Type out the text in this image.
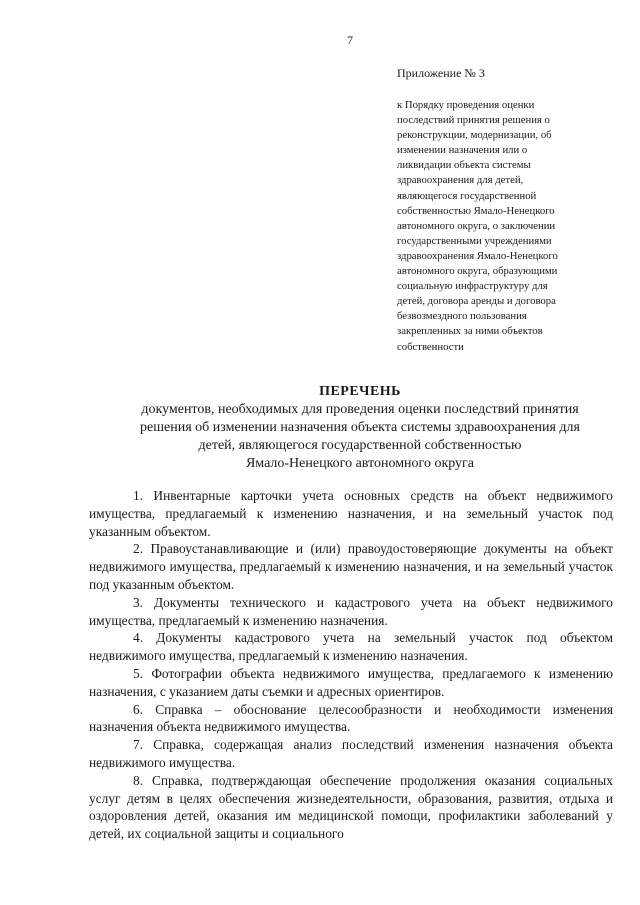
7
Приложение № 3
к Порядку проведения оценки
последствий принятия решения о
реконструкции, модернизации, об
изменении назначения или о
ликвидации объекта системы
здравоохранения для детей,
являющегося государственной
собственностью Ямало-Ненецкого
автономного округа, о заключении
государственными учреждениями
здравоохранения Ямало-Ненецкого
автономного округа, образующими
социальную инфраструктуру для
детей, договора аренды и договора
безвозмездного пользования
закрепленных за ними объектов
собственности
ПЕРЕЧЕНЬ
документов, необходимых для проведения оценки последствий принятия
решения об изменении назначения объекта системы здравоохранения для
детей, являющегося государственной собственностью
Ямало-Ненецкого автономного округа

1. Инвентарные карточки учета основных средств на объект недвижимого имущества, предлагаемый к изменению назначения, и на земельный участок под указанным объектом.

2. Правоустанавливающие и (или) правоудостоверяющие документы на объект недвижимого имущества, предлагаемый к изменению назначения, и на земельный участок под указанным объектом.

3. Документы технического и кадастрового учета на объект недвижимого имущества, предлагаемый к изменению назначения.

4. Документы кадастрового учета на земельный участок под объектом недвижимого имущества, предлагаемый к изменению назначения.

5. Фотографии объекта недвижимого имущества, предлагаемого к изменению назначения, с указанием даты съемки и адресных ориентиров.

6. Справка – обоснование целесообразности и необходимости изменения назначения объекта недвижимого имущества.

7. Справка, содержащая анализ последствий изменения назначения объекта недвижимого имущества.

8. Справка, подтверждающая обеспечение продолжения оказания социальных услуг детям в целях обеспечения жизнедеятельности, образования, развития, отдыха и оздоровления детей, оказания им медицинской помощи, профилактики заболеваний у детей, их социальной защиты и социального
